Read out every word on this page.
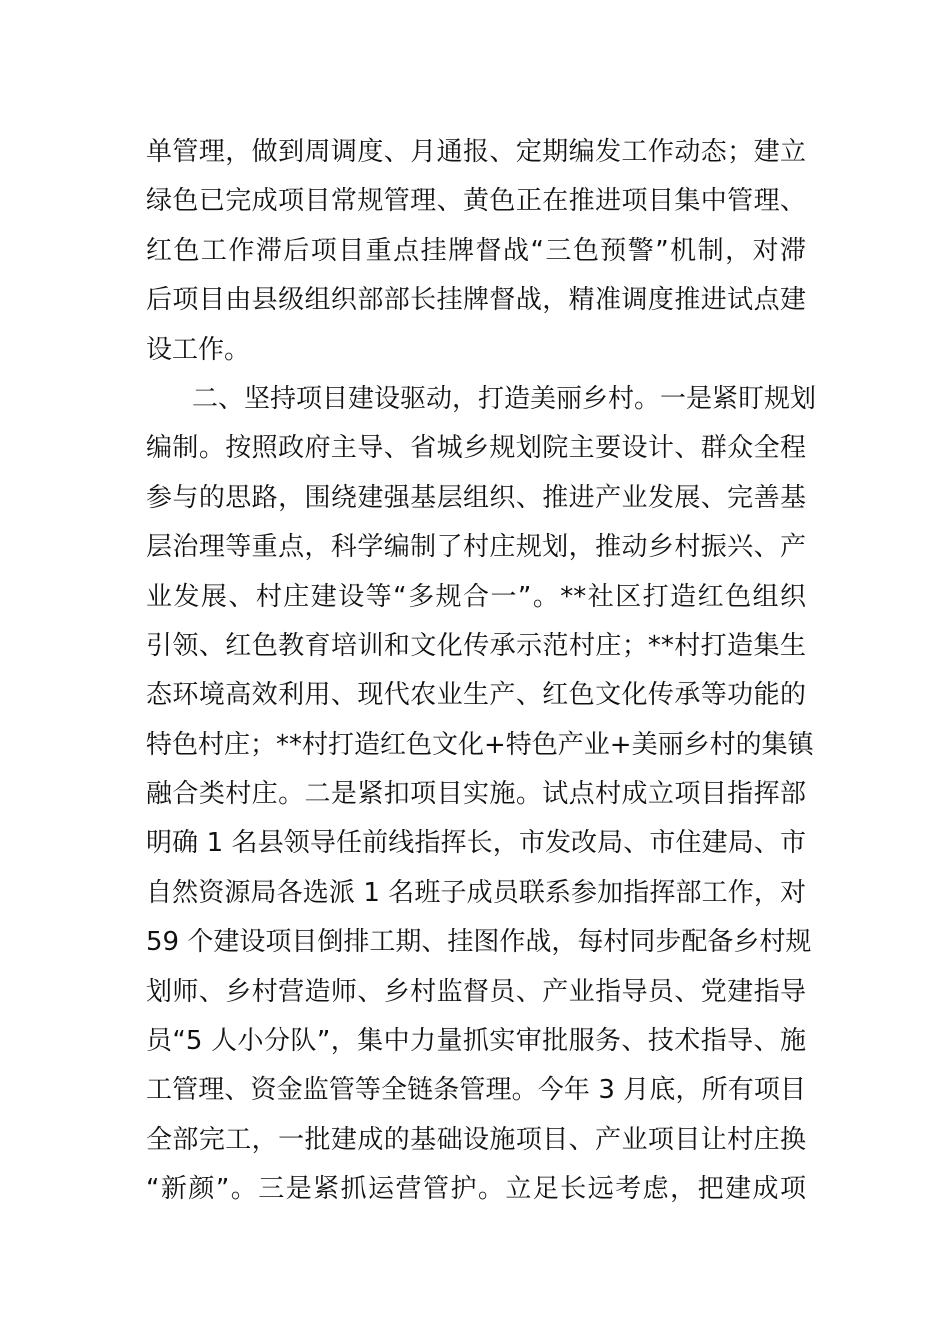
单管理，做到周调度、月通报、定期编发工作动态；建立
绿色已完成项目常规管理、黄色正在推进项目集中管理、
红色工作滞后项目重点挂牌督战“三色预警”机制，对滞
后项目由县级组织部部长挂牌督战，精准调度推进试点建
设工作。
二、坚持项目建设驱动，打造美丽乡村。一是紧盯规划
编制。按照政府主导、省城乡规划院主要设计、群众全程
参与的思路，围绕建强基层组织、推进产业发展、完善基
层治理等重点，科学编制了村庄规划，推动乡村振兴、产
业发展、村庄建设等“多规合一”。**社区打造红色组织
引领、红色教育培训和文化传承示范村庄；**村打造集生
态环境高效利用、现代农业生产、红色文化传承等功能的
特色村庄；**村打造红色文化+特色产业+美丽乡村的集镇
融合类村庄。二是紧扣项目实施。试点村成立项目指挥部
明确 1 名县领导任前线指挥长，市发改局、市住建局、市
自然资源局各选派 1 名班子成员联系参加指挥部工作，对
59 个建设项目倒排工期、挂图作战，每村同步配备乡村规
划师、乡村营造师、乡村监督员、产业指导员、党建指导
员“5 人小分队”，集中力量抓实审批服务、技术指导、施
工管理、资金监管等全链条管理。今年 3 月底，所有项目
全部完工，一批建成的基础设施项目、产业项目让村庄换
“新颜”。三是紧抓运营管护。立足长远考虑，把建成项
